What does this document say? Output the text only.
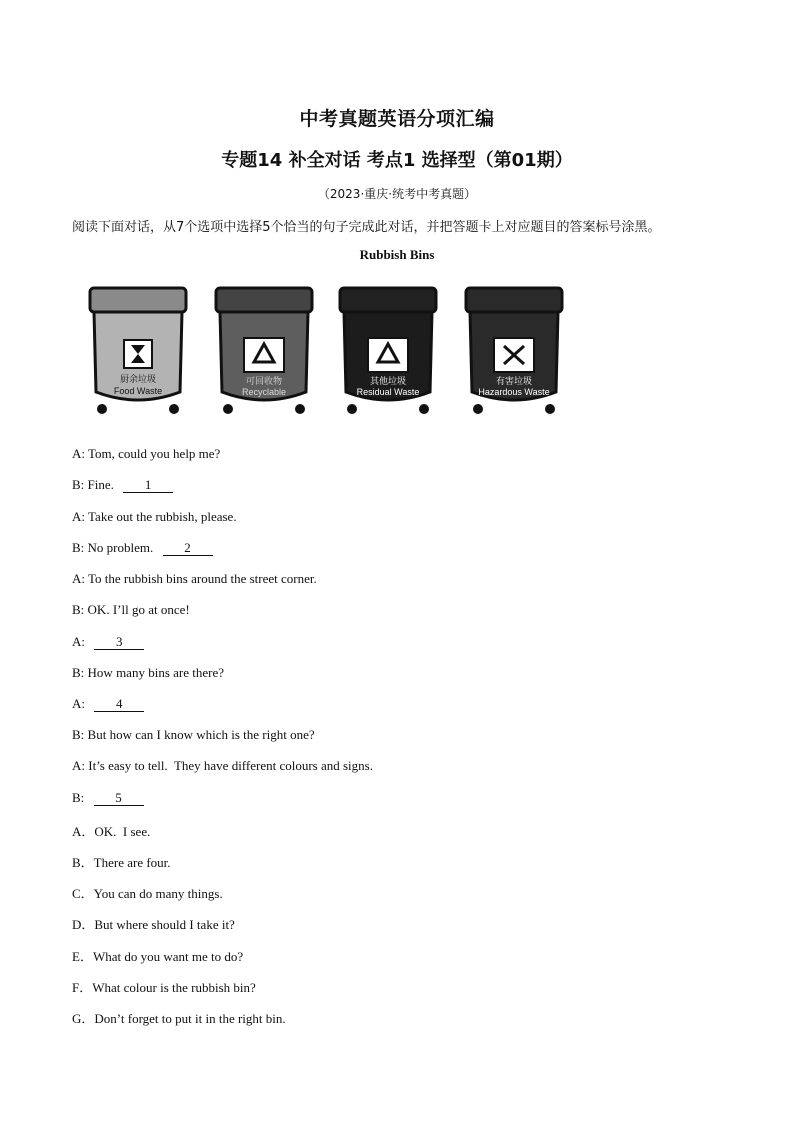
中考真题英语分项汇编
专题14 补全对话 考点1 选择型（第01期）
（2023·重庆·统考中考真题）
阅读下面对话，从7个选项中选择5个恰当的句子完成此对话，并把答题卡上对应题目的答案标号涂黑。
Rubbish Bins
厨余垃圾
Food Waste
可回收物
Recyclable
其他垃圾
Residual Waste
有害垃圾
Hazardous Waste
A: Tom, could you help me?
B: Fine. 1
A: Take out the rubbish, please.
B: No problem. 2
A: To the rubbish bins around the street corner.
B: OK. I’ll go at once!
A: 3
B: How many bins are there?
A: 4
B: But how can I know which is the right one?
A: It’s easy to tell.  They have different colours and signs.
B: 5
A．OK.  I see.
B．There are four.
C．You can do many things.
D．But where should I take it?
E．What do you want me to do?
F．What colour is the rubbish bin?
G．Don’t forget to put it in the right bin.
